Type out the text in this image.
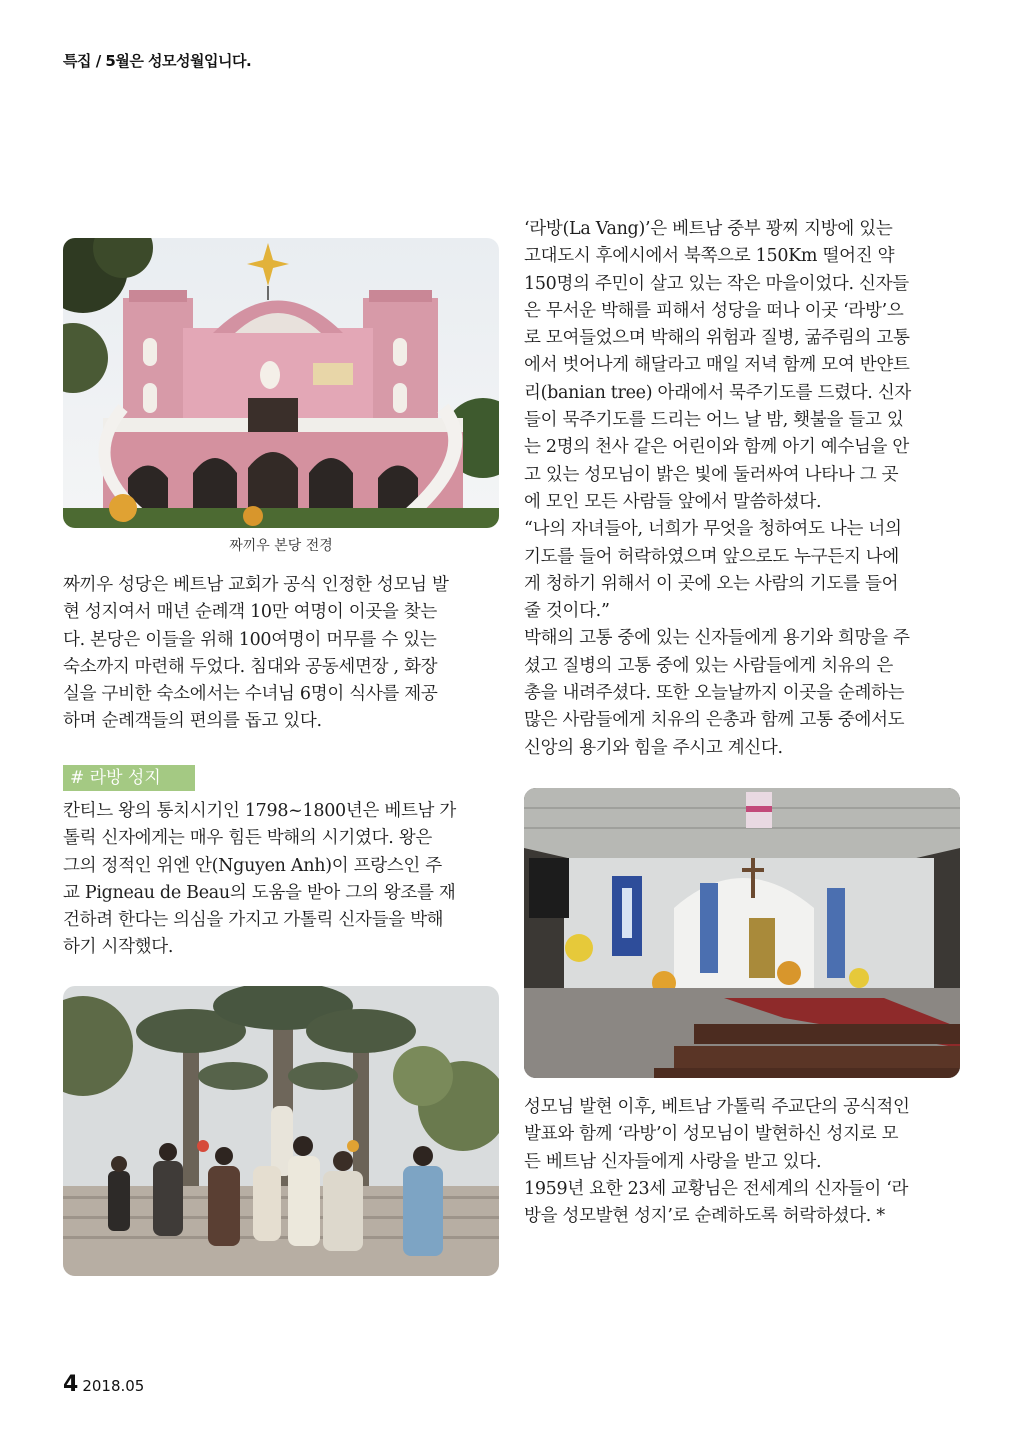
특집 / 5월은 성모성월입니다.
짜끼우 본당 전경

짜끼우 성당은 베트남 교회가 공식 인정한 성모님 발
현 성지여서 매년 순례객 10만 여명이 이곳을 찾는
다. 본당은 이들을 위해 100여명이 머무를 수 있는
숙소까지 마련해 두었다. 침대와 공동세면장 , 화장
실을 구비한 숙소에서는 수녀님 6명이 식사를 제공
하며 순례객들의 편의를 돕고 있다.

# 라방 성지

칸티느 왕의 통치시기인 1798~1800년은 베트남 가
톨릭 신자에게는 매우 힘든 박해의 시기였다. 왕은
그의 정적인 위엔 안(Nguyen Anh)이 프랑스인 주
교 Pigneau de Beau의 도움을 받아 그의 왕조를 재
건하려 한다는 의심을 가지고 가톨릭 신자들을 박해
하기 시작했다.

‘라방(La Vang)’은 베트남 중부 꽝찌 지방에 있는
고대도시 후에시에서 북쪽으로 150Km 떨어진 약
150명의 주민이 살고 있는 작은 마을이었다. 신자들
은 무서운 박해를 피해서 성당을 떠나 이곳 ‘라방’으
로 모여들었으며 박해의 위험과 질병, 굶주림의 고통
에서 벗어나게 해달라고 매일 저녁 함께 모여 반얀트
리(banian tree) 아래에서 묵주기도를 드렸다. 신자
들이 묵주기도를 드리는 어느 날 밤, 횃불을 들고 있
는 2명의 천사 같은 어린이와 함께 아기 예수님을 안
고 있는 성모님이 밝은 빛에 둘러싸여 나타나 그 곳
에 모인 모든 사람들 앞에서 말씀하셨다.
“나의 자녀들아, 너희가 무엇을 청하여도 나는 너의
기도를 들어 허락하였으며 앞으로도 누구든지 나에
게 청하기 위해서 이 곳에 오는 사람의 기도를 들어
줄 것이다.”
박해의 고통 중에 있는 신자들에게 용기와 희망을 주
셨고 질병의 고통 중에 있는 사람들에게 치유의 은
총을 내려주셨다. 또한 오늘날까지 이곳을 순례하는
많은 사람들에게 치유의 은총과 함께 고통 중에서도
신앙의 용기와 힘을 주시고 계신다.

성모님 발현 이후, 베트남 가톨릭 주교단의 공식적인
발표와 함께 ‘라방’이 성모님이 발현하신 성지로 모
든 베트남 신자들에게 사랑을 받고 있다.
1959년 요한 23세 교황님은 전세계의 신자들이 ‘라
방을 성모발현 성지’로 순례하도록 허락하셨다. *

4 2018.05
